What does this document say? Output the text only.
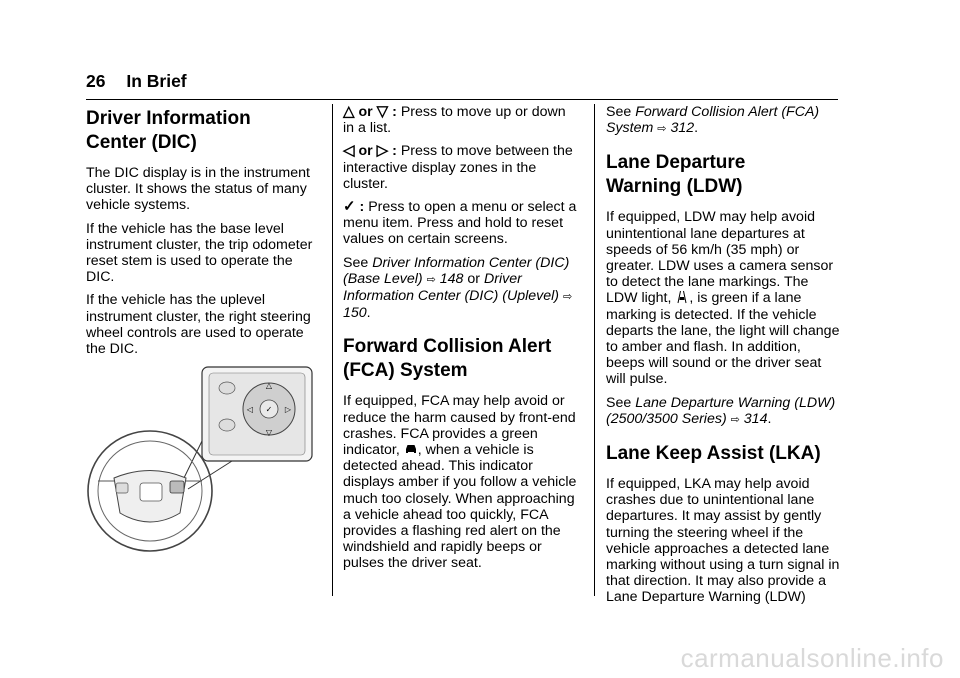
26 In Brief
Driver Information
Center (DIC)

The DIC display is in the instrument cluster. It shows the status of many vehicle systems.

If the vehicle has the base level instrument cluster, the trip odometer reset stem is used to operate the DIC.

If the vehicle has the uplevel instrument cluster, the right steering wheel controls are used to operate the DIC.

△
▽
◁	▷
✓

△ or ▽ : Press to move up or down in a list.

◁ or ▷ : Press to move between the interactive display zones in the cluster.

✓ : Press to open a menu or select a menu item. Press and hold to reset values on certain screens.

See Driver Information Center (DIC) (Base Level) ⇨ 148 or Driver Information Center (DIC) (Uplevel) ⇨ 150.

Forward Collision Alert
(FCA) System

If equipped, FCA may help avoid or reduce the harm caused by front-end crashes. FCA provides a green indicator, , when a vehicle is detected ahead. This indicator displays amber if you follow a vehicle much too closely. When approaching a vehicle ahead too quickly, FCA provides a flashing red alert on the windshield and rapidly beeps or pulses the driver seat.

See Forward Collision Alert (FCA) System ⇨ 312.

Lane Departure
Warning (LDW)

If equipped, LDW may help avoid unintentional lane departures at speeds of 56 km/h (35 mph) or greater. LDW uses a camera sensor to detect the lane markings. The LDW light, , is green if a lane marking is detected. If the vehicle departs the lane, the light will change to amber and flash. In addition, beeps will sound or the driver seat will pulse.

See Lane Departure Warning (LDW) (2500/3500 Series) ⇨ 314.

Lane Keep Assist (LKA)

If equipped, LKA may help avoid crashes due to unintentional lane departures. It may assist by gently turning the steering wheel if the vehicle approaches a detected lane marking without using a turn signal in that direction. It may also provide a Lane Departure Warning (LDW)

carmanualsonline.info
